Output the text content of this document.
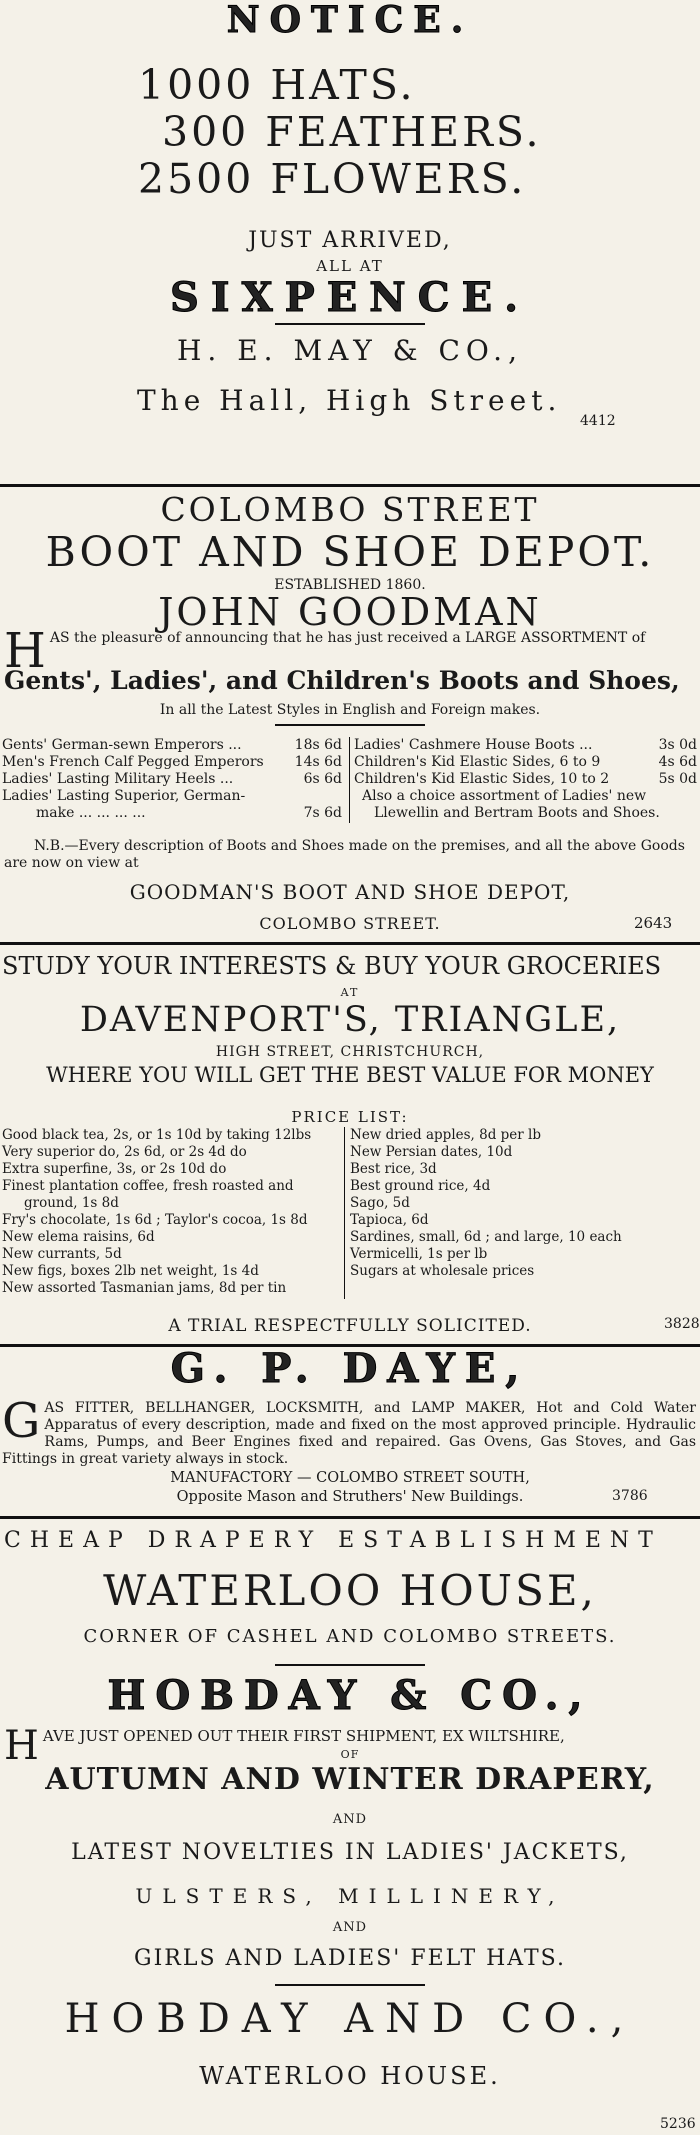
NOTICE.
1000 HATS.
300 FEATHERS.
2500 FLOWERS.
JUST ARRIVED,
ALL AT
SIXPENCE.
H. E. MAY & CO.,
The Hall, High Street.
4412
COLOMBO STREET
BOOT AND SHOE DEPOT.
ESTABLISHED 1860.
JOHN GOODMAN
H AS the pleasure of announcing that he has just received a LARGE ASSORTMENT of
Gents', Ladies', and Children's Boots and Shoes,
In all the Latest Styles in English and Foreign makes.
Gents' German-sewn Emperors ...	18s 6d
Men's French Calf Pegged Emperors	14s 6d
Ladies' Lasting Military Heels ...	6s 6d
Ladies' Lasting Superior, German-	
make ... ... ... ...	7s 6d
Ladies' Cashmere House Boots ...	3s 0d
Children's Kid Elastic Sides, 6 to 9	4s 6d
Children's Kid Elastic Sides, 10 to 2	5s 0d
Also a choice assortment of Ladies' new	
Llewellin and Bertram Boots and Shoes.	
N.B.—Every description of Boots and Shoes made on the premises, and all the above Goods are now on view at
GOODMAN'S BOOT AND SHOE DEPOT,
COLOMBO STREET.	2643
STUDY YOUR INTERESTS & BUY YOUR GROCERIES
AT
DAVENPORT'S, TRIANGLE,
HIGH STREET, CHRISTCHURCH,
WHERE YOU WILL GET THE BEST VALUE FOR MONEY
PRICE LIST:
Good black tea, 2s, or 1s 10d by taking 12lbs
Very superior do, 2s 6d, or 2s 4d do
Extra superfine, 3s, or 2s 10d do
Finest plantation coffee, fresh roasted and
ground, 1s 8d
Fry's chocolate, 1s 6d ; Taylor's cocoa, 1s 8d
New elema raisins, 6d
New currants, 5d
New figs, boxes 2lb net weight, 1s 4d
New assorted Tasmanian jams, 8d per tin
New dried apples, 8d per lb
New Persian dates, 10d
Best rice, 3d
Best ground rice, 4d
Sago, 5d
Tapioca, 6d
Sardines, small, 6d ; and large, 10 each
Vermicelli, 1s per lb
Sugars at wholesale prices
A TRIAL RESPECTFULLY SOLICITED.	3828
G. P. DAYE,
G AS FITTER, BELLHANGER, LOCKSMITH, and LAMP MAKER, Hot and Cold Water Apparatus of every description, made and fixed on the most approved principle. Hydraulic Rams, Pumps, and Beer Engines fixed and repaired. Gas Ovens, Gas Stoves, and Gas Fittings in great variety always in stock.
MANUFACTORY — COLOMBO STREET SOUTH,
Opposite Mason and Struthers' New Buildings.	3786
CHEAP DRAPERY ESTABLISHMENT
WATERLOO HOUSE,
CORNER OF CASHEL AND COLOMBO STREETS.
HOBDAY & CO.,
H AVE JUST OPENED OUT THEIR FIRST SHIPMENT, EX WILTSHIRE,
OF
AUTUMN AND WINTER DRAPERY,
AND
LATEST NOVELTIES IN LADIES' JACKETS,
ULSTERS, MILLINERY,
AND
GIRLS AND LADIES' FELT HATS.
HOBDAY AND CO.,
WATERLOO HOUSE.
5236
